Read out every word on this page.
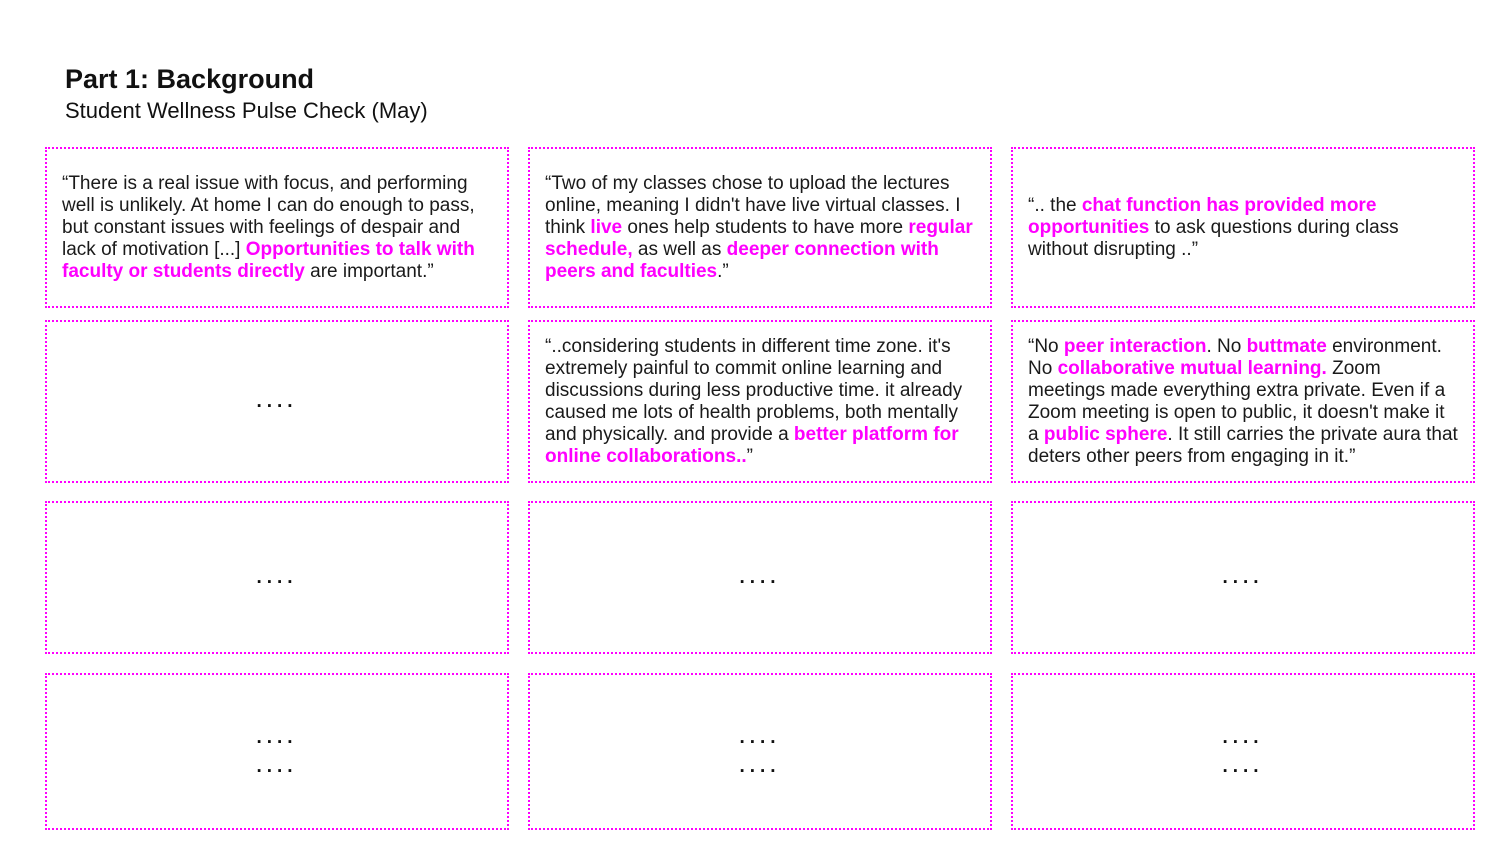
Part 1: Background

Student Wellness Pulse Check (May)

“There is a real issue with focus, and performing well is unlikely. At home I can do enough to pass, but constant issues with feelings of despair and lack of motivation [...] Opportunities to talk with faculty or students directly are important.”

“Two of my classes chose to upload the lectures online, meaning I didn't have live virtual classes. I think live ones help students to have more regular schedule, as well as deeper connection with peers and faculties.”

“.. the chat function has provided more opportunities to ask questions during class without disrupting ..”

....

“..considering students in different time zone. it's extremely painful to commit online learning and discussions during less productive time. it already caused me lots of health problems, both mentally and physically. and provide a better platform for online collaborations..”

“No peer interaction. No buttmate environment. No collaborative mutual learning. Zoom meetings made everything extra private. Even if a Zoom meeting is open to public, it doesn't make it a public sphere. It still carries the private aura that deters other peers from engaging in it.”

....	....	....
....
....
....
....
....
....
